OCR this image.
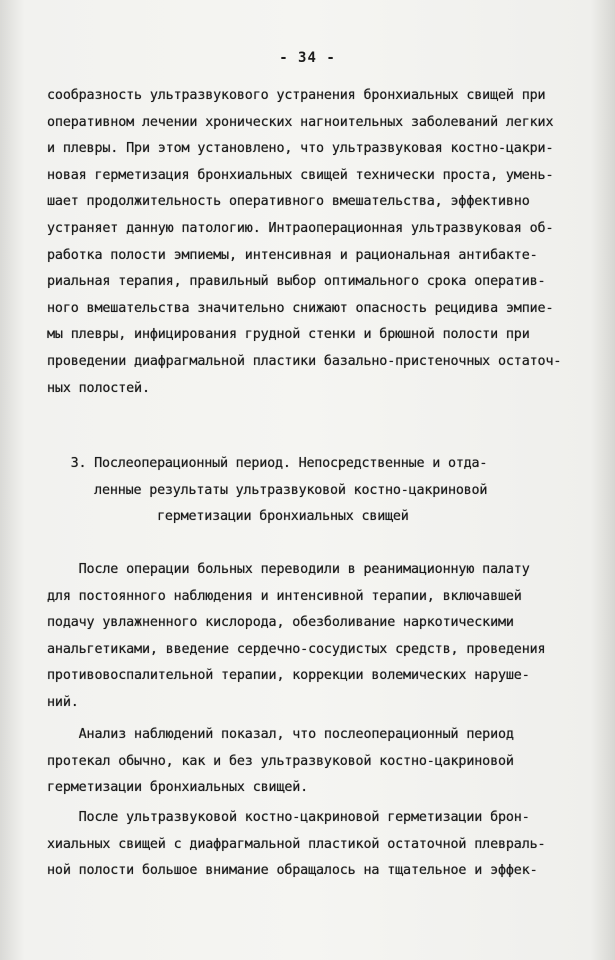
- 34 -
сообразность ультразвукового устранения бронхиальных свищей при
оперативном лечении хронических нагноительных заболеваний легких
и плевры. При этом установлено, что ультразвуковая костно-цакри-
новая герметизация бронхиальных свищей технически проста, умень-
шает продолжительность оперативного вмешательства, эффективно
устраняет данную патологию. Интраоперационная ультразвуковая об-
работка полости эмпиемы, интенсивная и рациональная антибакте-
риальная терапия, правильный выбор оптимального срока оператив-
ного вмешательства значительно снижают опасность рецидива эмпие-
мы плевры, инфицирования грудной стенки и брюшной полости при
проведении диафрагмальной пластики базально-пристеночных остаточ-
ных полостей.
3. Послеоперационный период. Непосредственные и отда-
ленные результаты ультразвуковой костно-цакриновой
герметизации бронхиальных свищей
После операции больных переводили в реанимационную палату
для постоянного наблюдения и интенсивной терапии, включавшей
подачу увлажненного кислорода, обезболивание наркотическими
анальгетиками, введение сердечно-сосудистых средств, проведения
противовоспалительной терапии, коррекции волемических наруше-
ний.
Анализ наблюдений показал, что послеоперационный период
протекал обычно, как и без ультразвуковой костно-цакриновой
герметизации бронхиальных свищей.
После ультразвуковой костно-цакриновой герметизации брон-
хиальных свищей с диафрагмальной пластикой остаточной плевраль-
ной полости большое внимание обращалось на тщательное и эффек-
